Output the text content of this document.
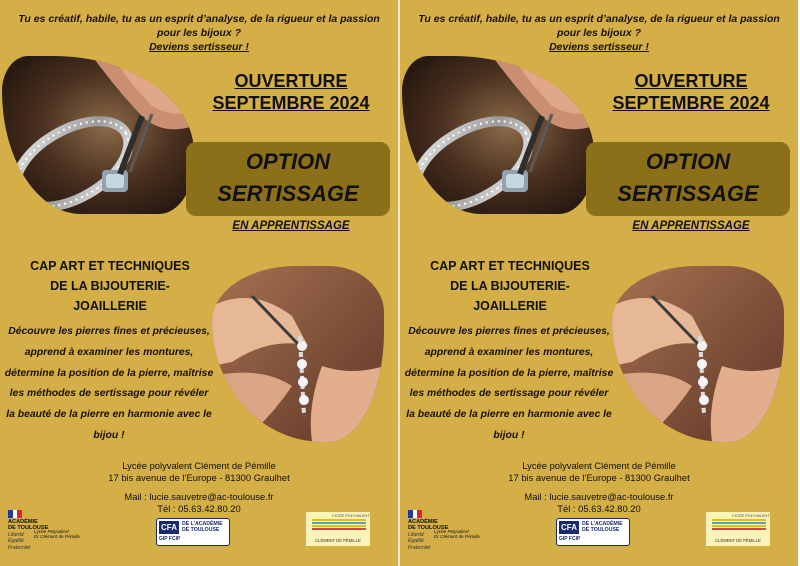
Tu es créatif, habile, tu as un esprit d’analyse, de la rigueur et la passion pour les bijoux ?
Deviens sertisseur !
OUVERTURE
SEPTEMBRE 2024
OPTION
SERTISSAGE
EN APPRENTISSAGE
CAP ART ET TECHNIQUES
DE LA BIJOUTERIE-
JOAILLERIE
Découvre les pierres fines et précieuses, apprend à examiner les montures, détermine la position de la pierre, maîtrise les méthodes de sertissage pour révéler la beauté de la pierre en harmonie avec le bijou !
Lycée polyvalent Clément de Pémille
17 bis avenue de l’Europe - 81300 Graulhet
Mail : lucie.sauvetre@ac-toulouse.fr
Tél : 05.63.42.80.20
ACADÉMIE
DE TOULOUSE
Liberté
Égalité
Fraternité
Lycée Polyvalent
Dr Clément de Pémille
CFA DE L’ACADÉMIE DE TOULOUSE
GIP FCIP
LYCÉE POLYVALENT
CLÉMENT DE PÉMILLE
Tu es créatif, habile, tu as un esprit d’analyse, de la rigueur et la passion pour les bijoux ?
Deviens sertisseur !
OUVERTURE
SEPTEMBRE 2024
OPTION
SERTISSAGE
EN APPRENTISSAGE
CAP ART ET TECHNIQUES
DE LA BIJOUTERIE-
JOAILLERIE
Découvre les pierres fines et précieuses, apprend à examiner les montures, détermine la position de la pierre, maîtrise les méthodes de sertissage pour révéler la beauté de la pierre en harmonie avec le bijou !
Lycée polyvalent Clément de Pémille
17 bis avenue de l’Europe - 81300 Graulhet
Mail : lucie.sauvetre@ac-toulouse.fr
Tél : 05.63.42.80.20
ACADÉMIE
DE TOULOUSE
Liberté
Égalité
Fraternité
Lycée Polyvalent
Dr Clément de Pémille
CFA DE L’ACADÉMIE DE TOULOUSE
GIP FCIP
LYCÉE POLYVALENT
CLÉMENT DE PÉMILLE
